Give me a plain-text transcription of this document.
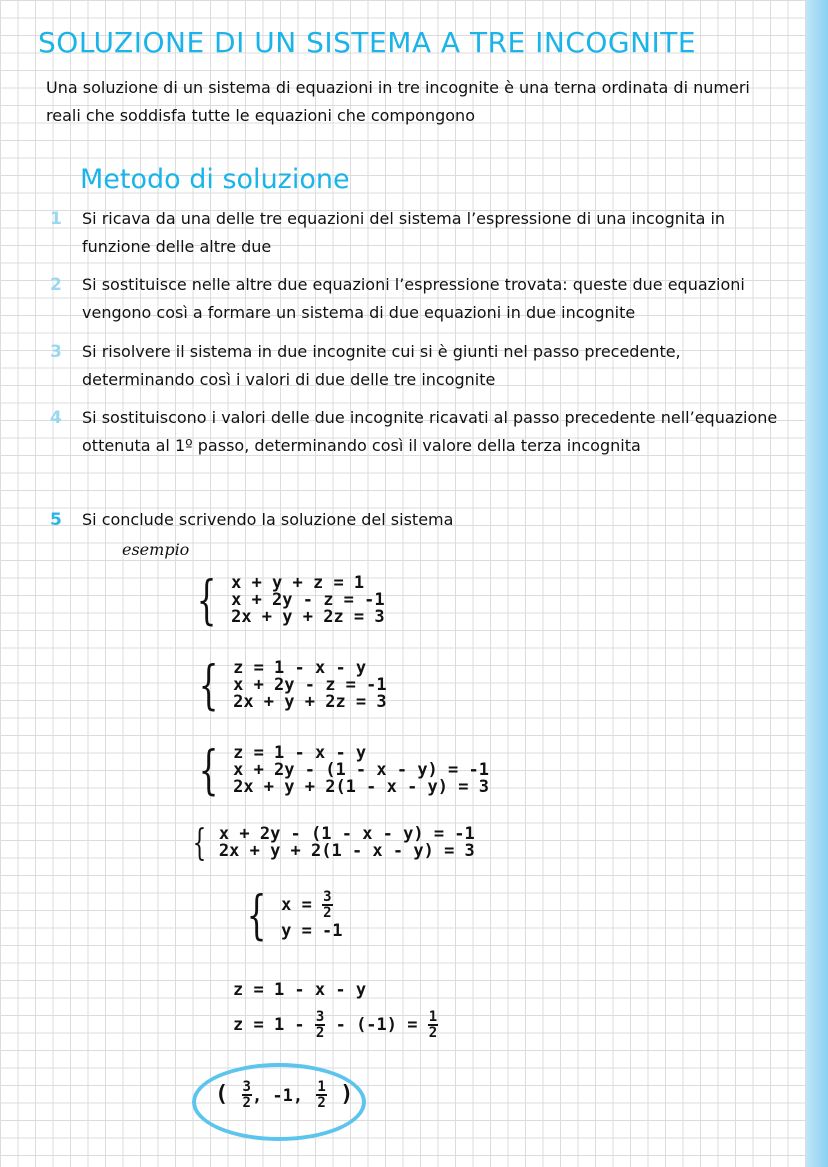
SOLUZIONE DI UN SISTEMA A TRE INCOGNITE
Una soluzione di un sistema di equazioni in tre incognite è una terna ordinata di numeri reali che soddisfa tutte le equazioni che compongono
Metodo di soluzione
1	Si ricava da una delle tre equazioni del sistema l’espressione di una incognita in funzione delle altre due
2	Si sostituisce nelle altre due equazioni l’espressione trovata: queste due equazioni vengono così a formare un sistema di due equazioni in due incognite
3	Si risolvere il sistema in due incognite cui si è giunti nel passo precedente, determinando così i valori di due delle tre incognite
4	Si sostituiscono i valori delle due incognite ricavati al passo precedente nell’equazione ottenuta al 1º passo, determinando così il valore della terza incognita
5	Si conclude scrivendo la soluzione del sistema
esempio
{ x + y + z = 1
x + 2y - z = -1
2x + y + 2z = 3
{ z = 1 - x - y
x + 2y - z = -1
2x + y + 2z = 3
{ z = 1 - x - y
x + 2y - (1 - x - y) = -1
2x + y + 2(1 - x - y) = 3
{ x + 2y - (1 - x - y) = -1
2x + y + 2(1 - x - y) = 3
{ $x = \frac{3}{2}$
y = -1
z = 1 - x - y
$z = 1 - \frac{3}{2} - (-1) = \frac{1}{2}$
( $\frac{3}{2}$ , -1, $\frac{1}{2}$ )
